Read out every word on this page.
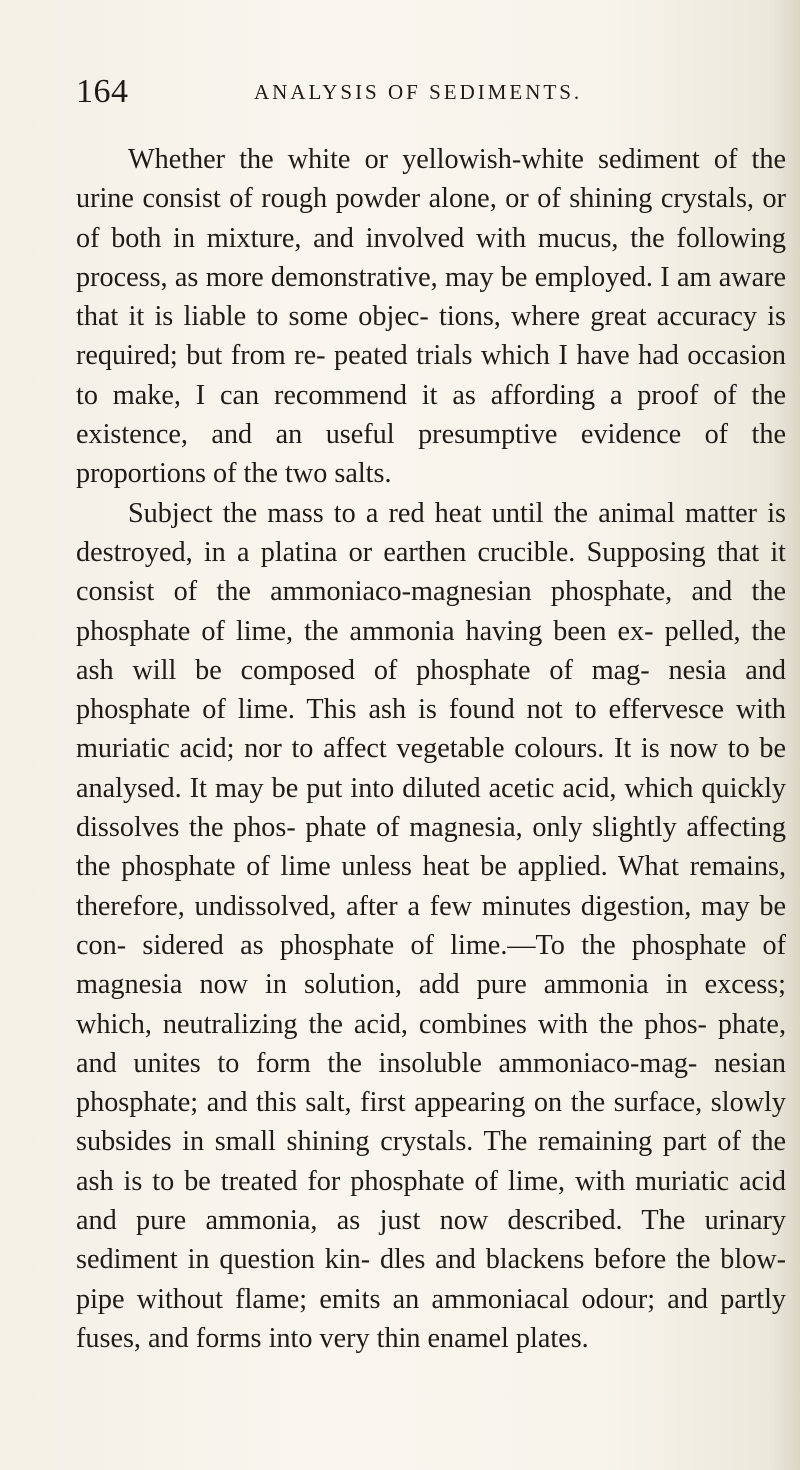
164	ANALYSIS OF SEDIMENTS.

Whether the white or yellowish-white sediment of the urine consist of rough powder alone, or of shining crystals, or of both in mixture, and involved with mucus, the following process, as more demonstrative, may be employed. I am aware that it is liable to some objec- tions, where great accuracy is required; but from re- peated trials which I have had occasion to make, I can recommend it as affording a proof of the existence, and an useful presumptive evidence of the proportions of the two salts.

Subject the mass to a red heat until the animal matter is destroyed, in a platina or earthen crucible. Supposing that it consist of the ammoniaco-magnesian phosphate, and the phosphate of lime, the ammonia having been ex- pelled, the ash will be composed of phosphate of mag- nesia and phosphate of lime. This ash is found not to effervesce with muriatic acid; nor to affect vegetable colours. It is now to be analysed. It may be put into diluted acetic acid, which quickly dissolves the phos- phate of magnesia, only slightly affecting the phosphate of lime unless heat be applied. What remains, therefore, undissolved, after a few minutes digestion, may be con- sidered as phosphate of lime.—To the phosphate of magnesia now in solution, add pure ammonia in excess; which, neutralizing the acid, combines with the phos- phate, and unites to form the insoluble ammoniaco-mag- nesian phosphate; and this salt, first appearing on the surface, slowly subsides in small shining crystals. The remaining part of the ash is to be treated for phosphate of lime, with muriatic acid and pure ammonia, as just now described. The urinary sediment in question kin- dles and blackens before the blow-pipe without flame; emits an ammoniacal odour; and partly fuses, and forms into very thin enamel plates.
